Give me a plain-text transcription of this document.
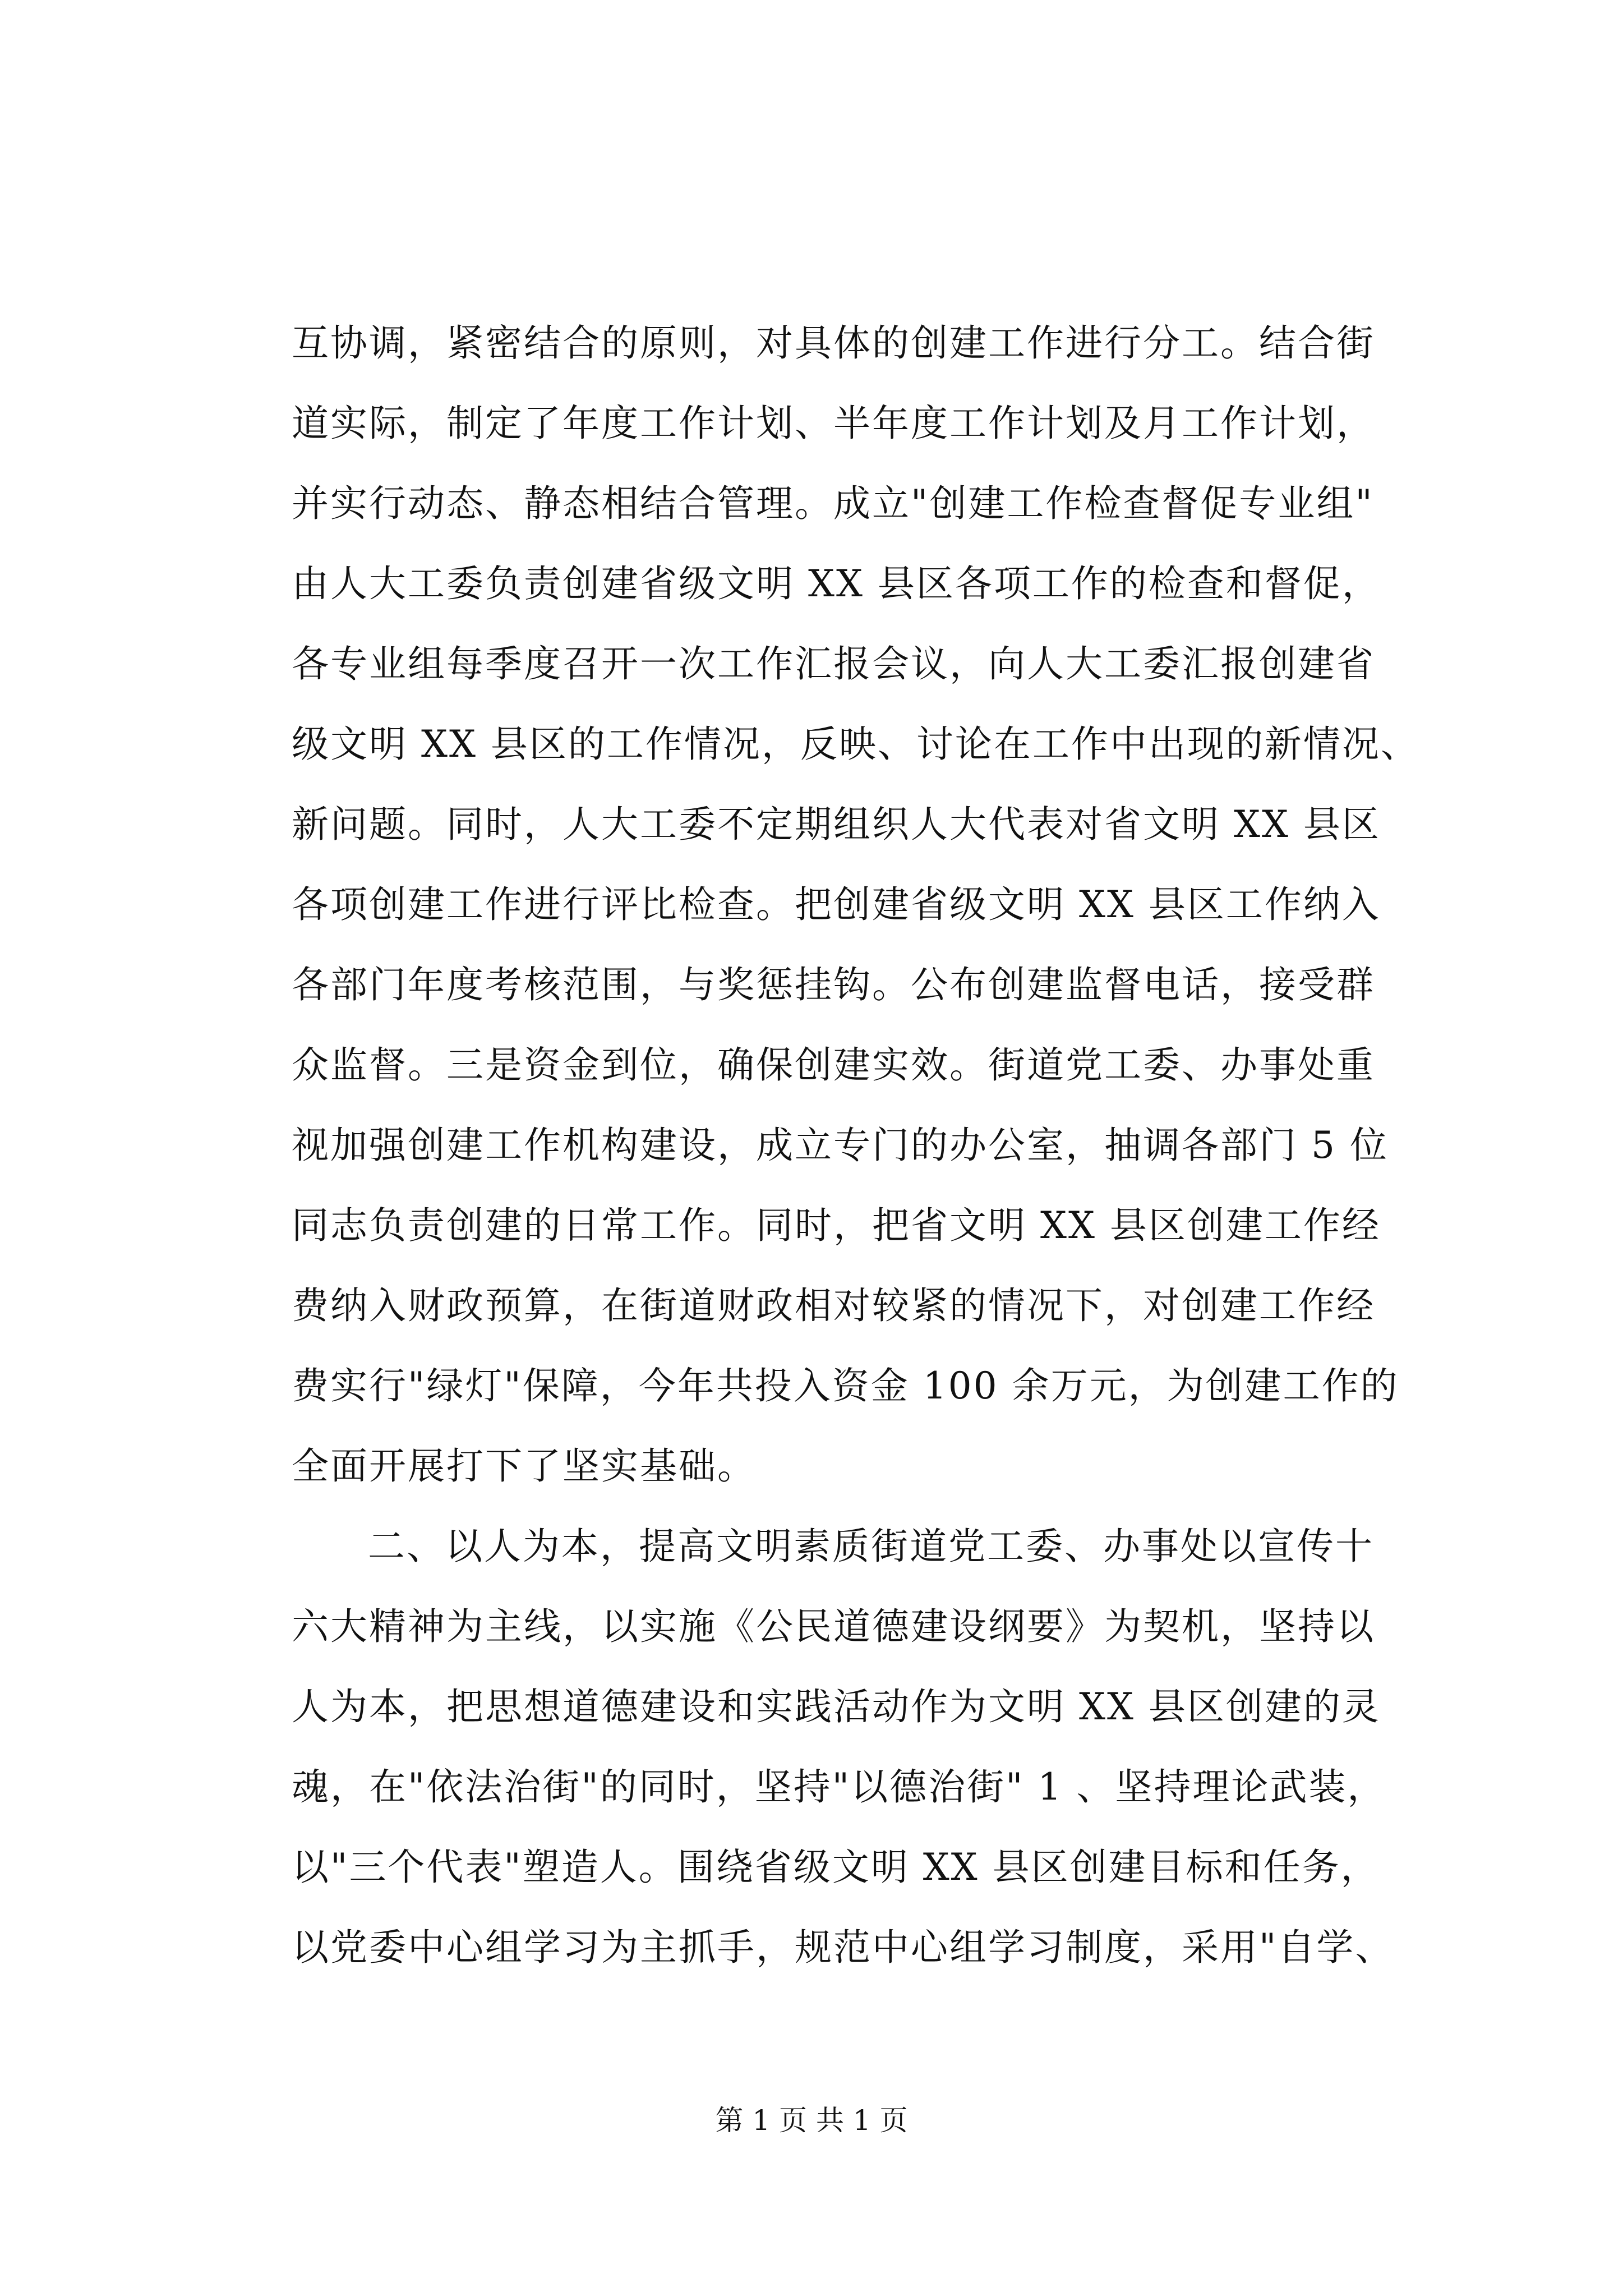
互协调，紧密结合的原则，对具体的创建工作进行分工。结合街
道实际，制定了年度工作计划、半年度工作计划及月工作计划，
并实行动态、静态相结合管理。成立"创建工作检查督促专业组"
由人大工委负责创建省级文明 XX 县区各项工作的检查和督促，
各专业组每季度召开一次工作汇报会议，向人大工委汇报创建省
级文明 XX 县区的工作情况，反映、讨论在工作中出现的新情况、
新问题。同时，人大工委不定期组织人大代表对省文明 XX 县区
各项创建工作进行评比检查。把创建省级文明 XX 县区工作纳入
各部门年度考核范围，与奖惩挂钩。公布创建监督电话，接受群
众监督。三是资金到位，确保创建实效。街道党工委、办事处重
视加强创建工作机构建设，成立专门的办公室，抽调各部门 5 位
同志负责创建的日常工作。同时，把省文明 XX 县区创建工作经
费纳入财政预算，在街道财政相对较紧的情况下，对创建工作经
费实行"绿灯"保障，今年共投入资金 100 余万元，为创建工作的
全面开展打下了坚实基础。
二、以人为本，提高文明素质街道党工委、办事处以宣传十
六大精神为主线，以实施《公民道德建设纲要》为契机，坚持以
人为本，把思想道德建设和实践活动作为文明 XX 县区创建的灵
魂，在"依法治街"的同时，坚持"以德治街" 1 、坚持理论武装，
以"三个代表"塑造人。围绕省级文明 XX 县区创建目标和任务，
以党委中心组学习为主抓手，规范中心组学习制度，采用"自学、
第 1 页 共 1 页
